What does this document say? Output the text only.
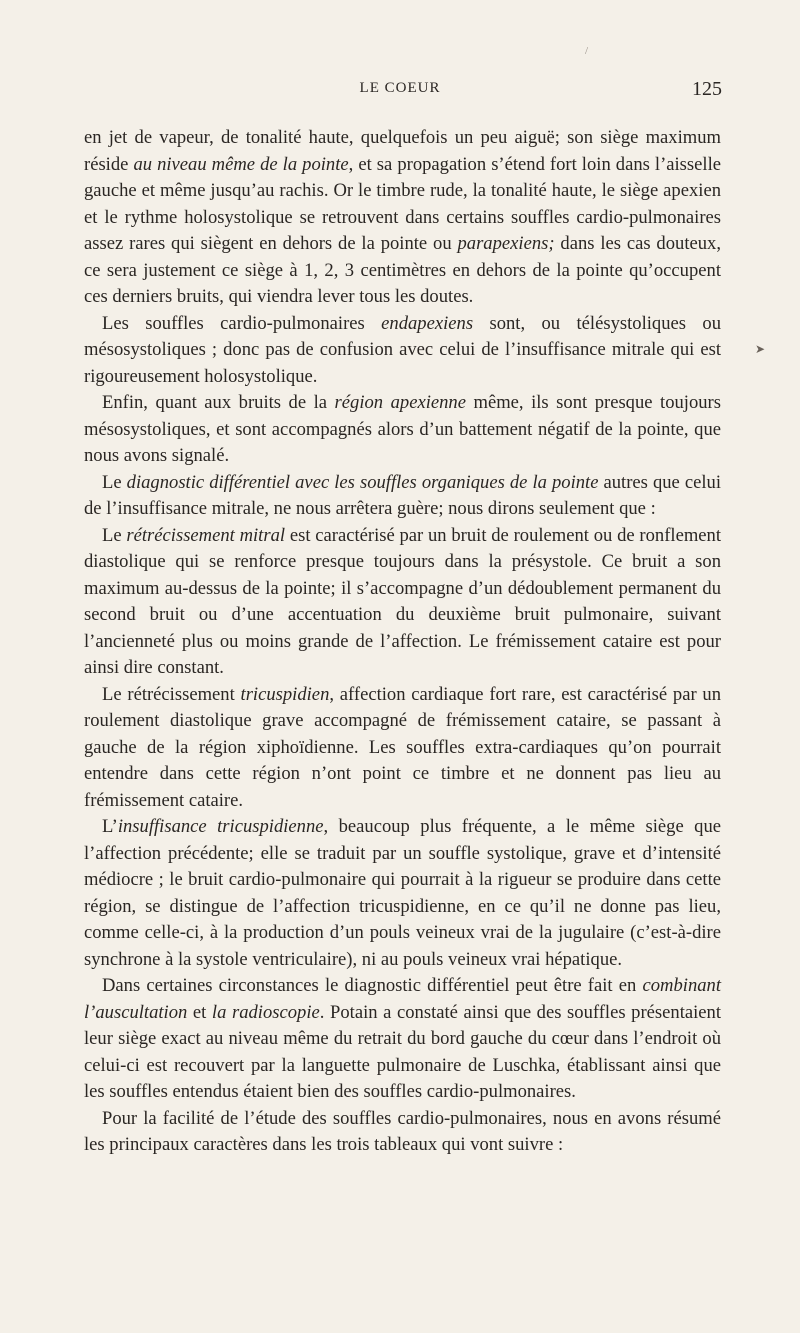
/
LE COEUR	125
➤

en jet de vapeur, de tonalité haute, quelquefois un peu aiguë; son siège maximum réside au niveau même de la pointe, et sa propagation s’étend fort loin dans l’aisselle gauche et même jusqu’au rachis. Or le timbre rude, la tonalité haute, le siège apexien et le rythme holosystolique se retrouvent dans certains souffles cardio-pulmonaires assez rares qui siègent en dehors de la pointe ou parapexiens; dans les cas douteux, ce sera justement ce siège à 1, 2, 3 centimètres en dehors de la pointe qu’occupent ces derniers bruits, qui viendra lever tous les doutes.

Les souffles cardio-pulmonaires endapexiens sont, ou télésystoliques ou mésosystoliques ; donc pas de confusion avec celui de l’insuffisance mitrale qui est rigoureusement holosystolique.

Enfin, quant aux bruits de la région apexienne même, ils sont presque toujours mésosystoliques, et sont accompagnés alors d’un battement négatif de la pointe, que nous avons signalé.

Le diagnostic différentiel avec les souffles organiques de la pointe autres que celui de l’insuffisance mitrale, ne nous arrêtera guère; nous dirons seulement que :

Le rétrécissement mitral est caractérisé par un bruit de roulement ou de ronflement diastolique qui se renforce presque toujours dans la présystole. Ce bruit a son maximum au-dessus de la pointe; il s’accompagne d’un dédoublement permanent du second bruit ou d’une accentuation du deuxième bruit pulmonaire, suivant l’ancienneté plus ou moins grande de l’affection. Le frémissement cataire est pour ainsi dire constant.

Le rétrécissement tricuspidien, affection cardiaque fort rare, est caractérisé par un roulement diastolique grave accompagné de frémissement cataire, se passant à gauche de la région xiphoïdienne. Les souffles extra-cardiaques qu’on pourrait entendre dans cette région n’ont point ce timbre et ne donnent pas lieu au frémissement cataire.

L’insuffisance tricuspidienne, beaucoup plus fréquente, a le même siège que l’affection précédente; elle se traduit par un souffle systolique, grave et d’intensité médiocre ; le bruit cardio-pulmonaire qui pourrait à la rigueur se produire dans cette région, se distingue de l’affection tricuspidienne, en ce qu’il ne donne pas lieu, comme celle-ci, à la production d’un pouls veineux vrai de la jugulaire (c’est-à-dire synchrone à la systole ventriculaire), ni au pouls veineux vrai hépatique.

Dans certaines circonstances le diagnostic différentiel peut être fait en combinant l’auscultation et la radioscopie. Potain a constaté ainsi que des souffles présentaient leur siège exact au niveau même du retrait du bord gauche du cœur dans l’endroit où celui-ci est recouvert par la languette pulmonaire de Luschka, établissant ainsi que les souffles entendus étaient bien des souffles cardio-pulmonaires.

Pour la facilité de l’étude des souffles cardio-pulmonaires, nous en avons résumé les principaux caractères dans les trois tableaux qui vont suivre :
